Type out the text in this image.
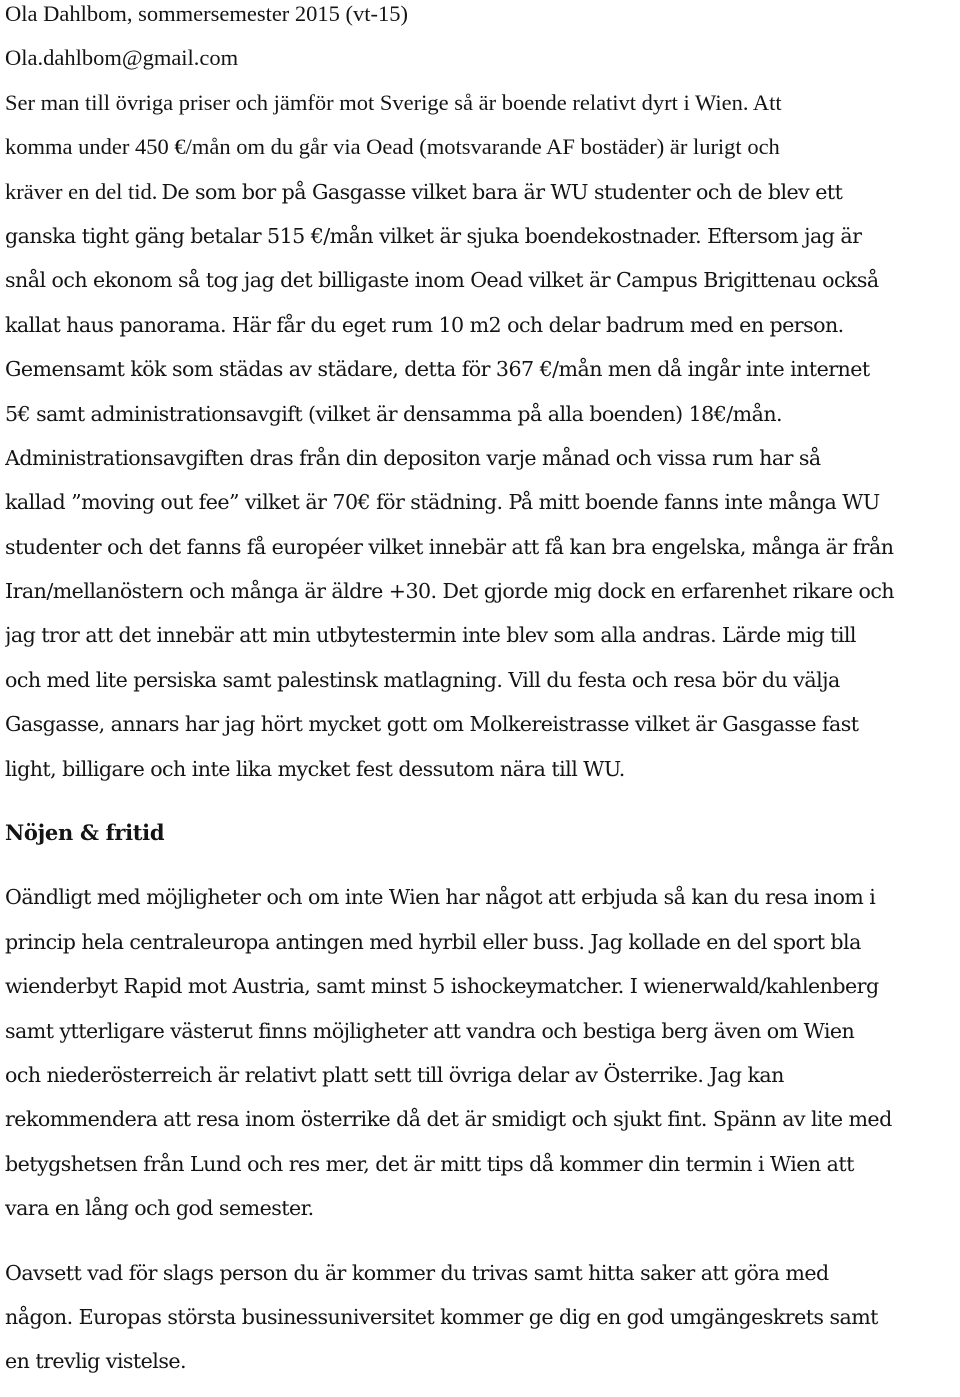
Ola Dahlbom, sommersemester 2015 (vt-15)

Ola.dahlbom@gmail.com

Ser man till övriga priser och jämför mot Sverige så är boende relativt dyrt i Wien. Att

komma under 450 €/mån om du går via Oead (motsvarande AF bostäder) är lurigt och

kräver en del tid. De som bor på Gasgasse vilket bara är WU studenter och de blev ett

ganska tight gäng betalar 515 €/mån vilket är sjuka boendekostnader. Eftersom jag är

snål och ekonom så tog jag det billigaste inom Oead vilket är Campus Brigittenau också

kallat haus panorama. Här får du eget rum 10 m2 och delar badrum med en person.

Gemensamt kök som städas av städare, detta för 367 €/mån men då ingår inte internet

5€ samt administrationsavgift (vilket är densamma på alla boenden) 18€/mån.

Administrationsavgiften dras från din depositon varje månad och vissa rum har så

kallad ”moving out fee” vilket är 70€ för städning. På mitt boende fanns inte många WU

studenter och det fanns få européer vilket innebär att få kan bra engelska, många är från

Iran/mellanöstern och många är äldre +30. Det gjorde mig dock en erfarenhet rikare och

jag tror att det innebär att min utbytestermin inte blev som alla andras. Lärde mig till

och med lite persiska samt palestinsk matlagning. Vill du festa och resa bör du välja

Gasgasse, annars har jag hört mycket gott om Molkereistrasse vilket är Gasgasse fast

light, billigare och inte lika mycket fest dessutom nära till WU.

Nöjen & fritid

Oändligt med möjligheter och om inte Wien har något att erbjuda så kan du resa inom i

princip hela centraleuropa antingen med hyrbil eller buss. Jag kollade en del sport bla

wienderbyt Rapid mot Austria, samt minst 5 ishockeymatcher. I wienerwald/kahlenberg

samt ytterligare västerut finns möjligheter att vandra och bestiga berg även om Wien

och niederösterreich är relativt platt sett till övriga delar av Österrike. Jag kan

rekommendera att resa inom österrike då det är smidigt och sjukt fint. Spänn av lite med

betygshetsen från Lund och res mer, det är mitt tips då kommer din termin i Wien att

vara en lång och god semester.

Oavsett vad för slags person du är kommer du trivas samt hitta saker att göra med

någon. Europas största businessuniversitet kommer ge dig en god umgängeskrets samt

en trevlig vistelse.
